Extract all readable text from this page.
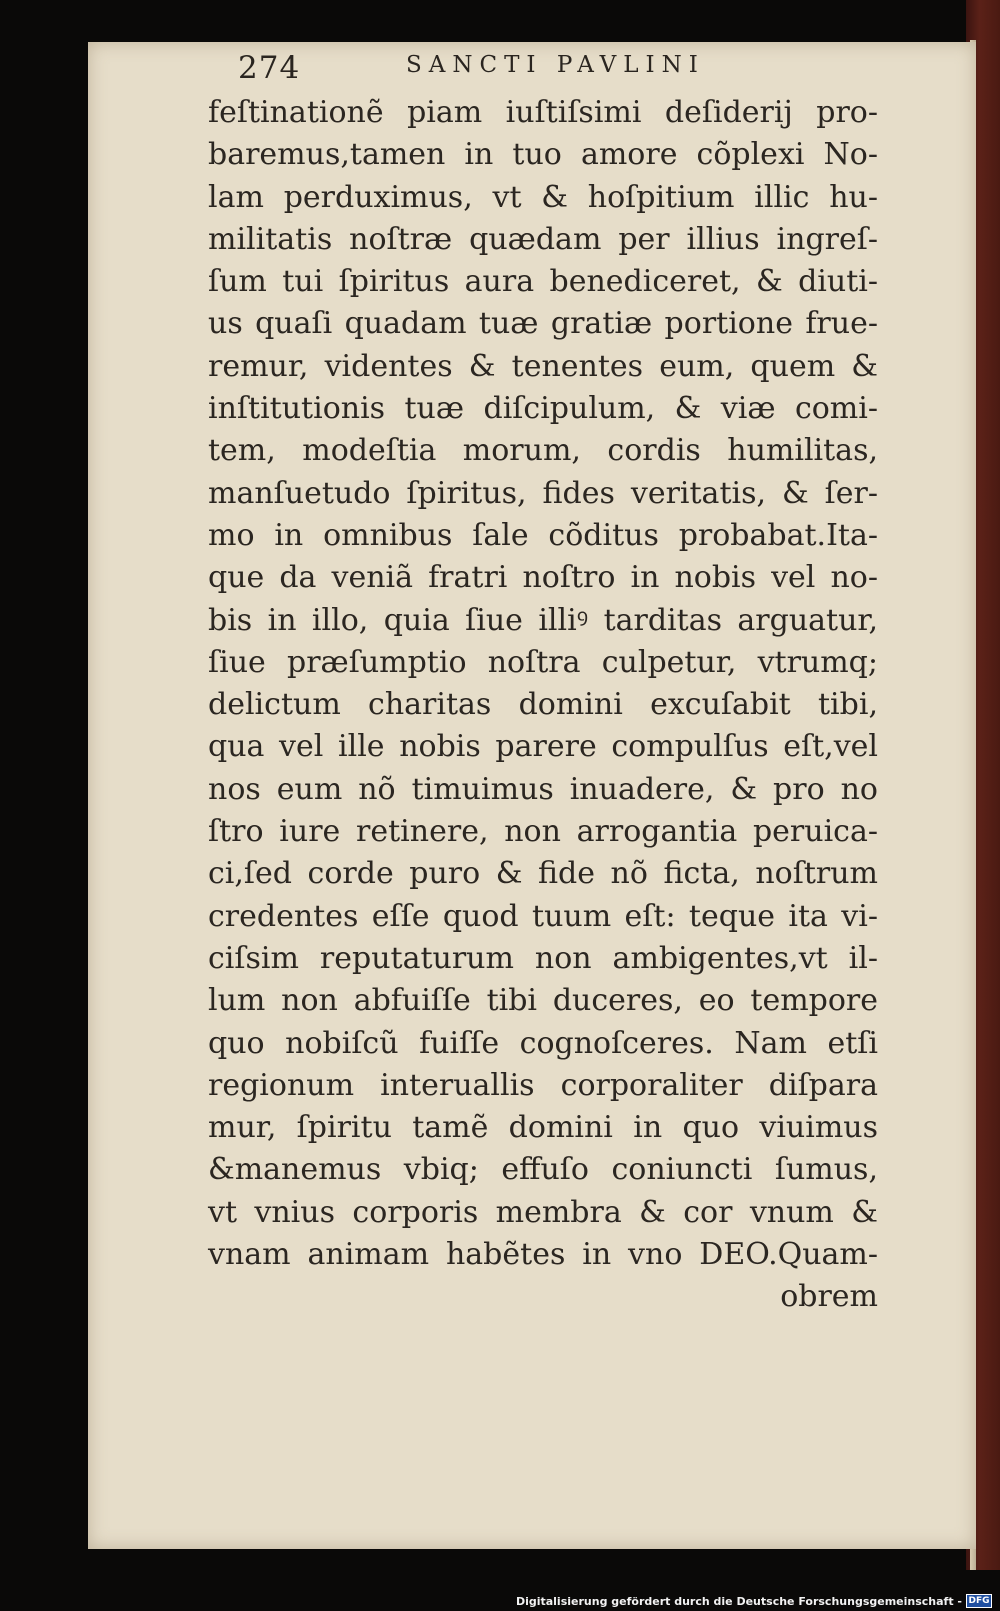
274	SANCTI PAVLINI
feſtinationẽ piam iuſtiſsimi deſiderij pro-
baremus,tamen in tuo amore cõplexi No-
lam perduximus, vt & hoſpitium illic hu-
militatis noſtræ quædam per illius ingreſ-
ſum tui ſpiritus aura benediceret, & diuti-
us quaſi quadam tuæ gratiæ portione frue-
remur, videntes & tenentes eum, quem &
inſtitutionis tuæ diſcipulum, & viæ comi-
tem, modeſtia morum, cordis humilitas,
manſuetudo ſpiritus, fides veritatis, & ſer-
mo in omnibus ſale cõditus probabat.Ita-
que da veniã fratri noſtro in nobis vel no-
bis in illo, quia ſiue illiꝰ tarditas arguatur,
ſiue præſumptio noſtra culpetur, vtrumq;
delictum charitas domini excuſabit tibi,
qua vel ille nobis parere compulſus eſt,vel
nos eum nõ timuimus inuadere, & pro no
ſtro iure retinere, non arrogantia peruica-
ci,ſed corde puro & fide nõ ficta, noſtrum
credentes eſſe quod tuum eſt: teque ita vi-
ciſsim reputaturum non ambigentes,vt il-
lum non abfuiſſe tibi duceres, eo tempore
quo nobiſcũ fuiſſe cognoſceres. Nam etſi
regionum interuallis corporaliter diſpara
mur, ſpiritu tamẽ domini in quo viuimus
&manemus vbiq; effuſo coniuncti ſumus,
vt vnius corporis membra & cor vnum &
vnam animam habẽtes in vno DEO.Quam-
obrem
Digitalisierung gefördert durch die Deutsche Forschungsgemeinschaft - DFG
